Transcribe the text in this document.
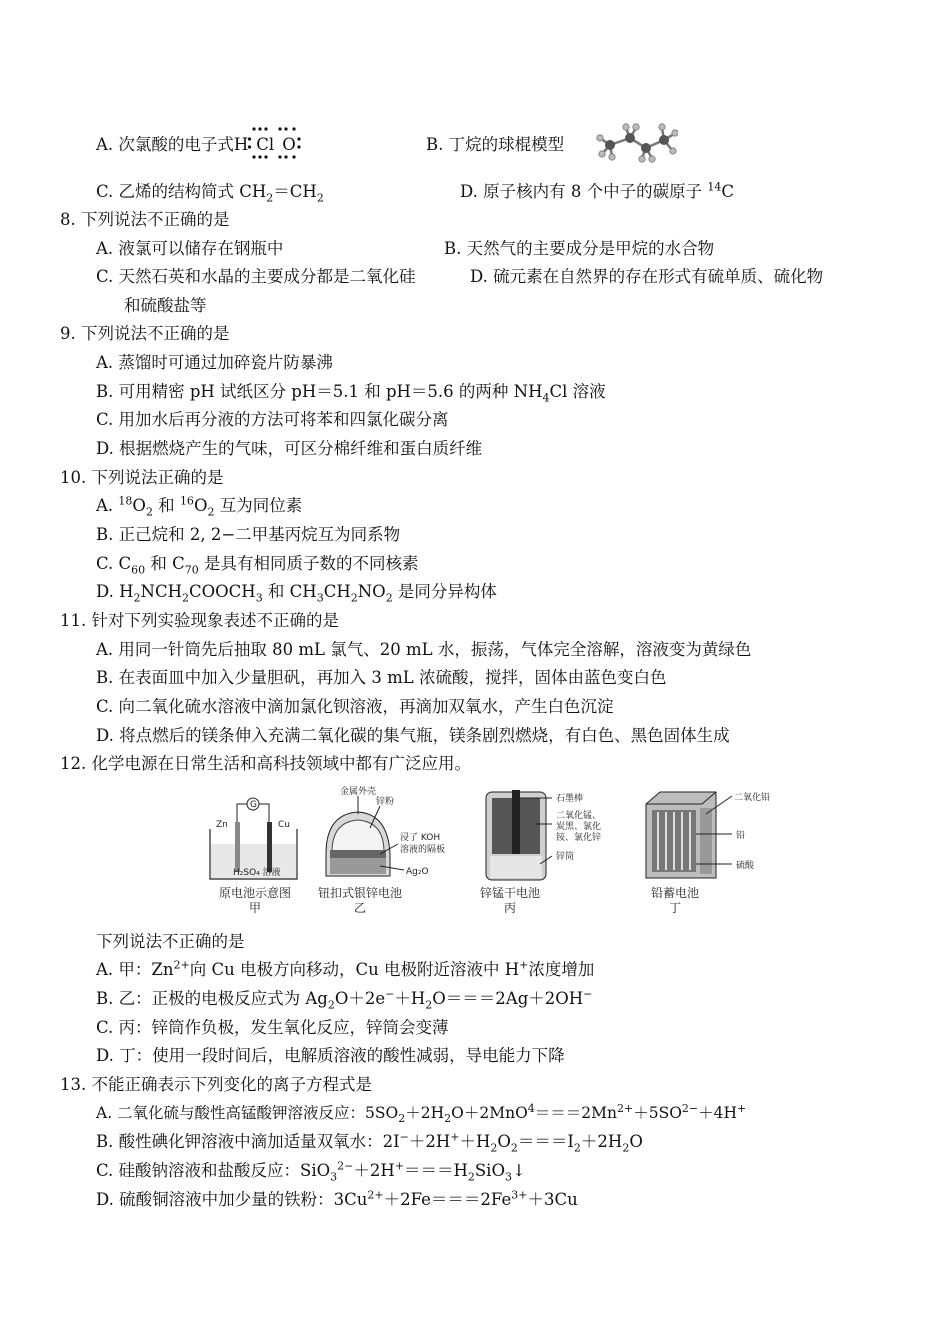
A. 次氯酸的电子式H Cl O	B. 丁烷的球棍模型
C. 乙烯的结构简式 $CH_2=CH_2$	D. 原子核内有 8 个中子的碳原子 $^{14}$C
8. 下列说法不正确的是
A. 液氯可以储存在钢瓶中	B. 天然气的主要成分是甲烷的水合物
C. 天然石英和水晶的主要成分都是二氧化硅	D. 硫元素在自然界的存在形式有硫单质、硫化物
和硫酸盐等
9. 下列说法不正确的是
A. 蒸馏时可通过加碎瓷片防暴沸
B. 可用精密 pH 试纸区分 pH＝5.1 和 pH＝5.6 的两种 $NH_4Cl$ 溶液
C. 用加水后再分液的方法可将苯和四氯化碳分离
D. 根据燃烧产生的气味，可区分棉纤维和蛋白质纤维
10. 下列说法正确的是
A. $^{18}O_2$ 和 $^{16}O_2$ 互为同位素
B. 正己烷和 2, 2−二甲基丙烷互为同系物
C. $C_{60}$ 和 $C_{70}$ 是具有相同质子数的不同核素
D. $H_2NCH_2COOCH_3$ 和 $CH_3CH_2NO_2$ 是同分异构体
11. 针对下列实验现象表述不正确的是
A. 用同一针筒先后抽取 80 mL 氯气、20 mL 水，振荡，气体完全溶解，溶液变为黄绿色
B. 在表面皿中加入少量胆矾，再加入 3 mL 浓硫酸，搅拌，固体由蓝色变白色
C. 向二氧化硫水溶液中滴加氯化钡溶液，再滴加双氧水，产生白色沉淀
D. 将点燃后的镁条伸入充满二氧化碳的集气瓶，镁条剧烈燃烧，有白色、黑色固体生成
12. 化学电源在日常生活和高科技领域中都有广泛应用。
G
Zn	Cu
H₂SO₄ 溶液
原电池示意图
甲
金属外壳
锌粉
浸了 KOH
溶液的隔板
Ag₂O
钮扣式银锌电池
乙
石墨棒
二氧化锰、
炭黑、氯化
铵、氯化锌
锌筒
锌锰干电池
丙
二氧化铅
铅
硫酸
铅蓄电池
丁
下列说法不正确的是
A. 甲：$Zn^{2+}$向 Cu 电极方向移动，Cu 电极附近溶液中 H+浓度增加
B. 乙：正极的电极反应式为 $Ag_2O+2e^-+H_2O===2Ag+2OH^-$
C. 丙：锌筒作负极，发生氧化反应，锌筒会变薄
D. 丁：使用一段时间后，电解质溶液的酸性减弱，导电能力下降
13. 不能正确表示下列变化的离子方程式是
A. 二氧化硫与酸性高锰酸钾溶液反应：$5SO_2+2H_2O+2MnO^4===2Mn^{2+}+5SO^{2-}+4H^+$
B. 酸性碘化钾溶液中滴加适量双氧水：$2I^-+2H^++H_2O_2===I_2+2H_2O$
C. 硅酸钠溶液和盐酸反应：$SiO_3^{2-}+2H^+===H_2SiO_3↓$
D. 硫酸铜溶液中加少量的铁粉：$3Cu^{2+}+2Fe===2Fe^{3+}+3Cu$
